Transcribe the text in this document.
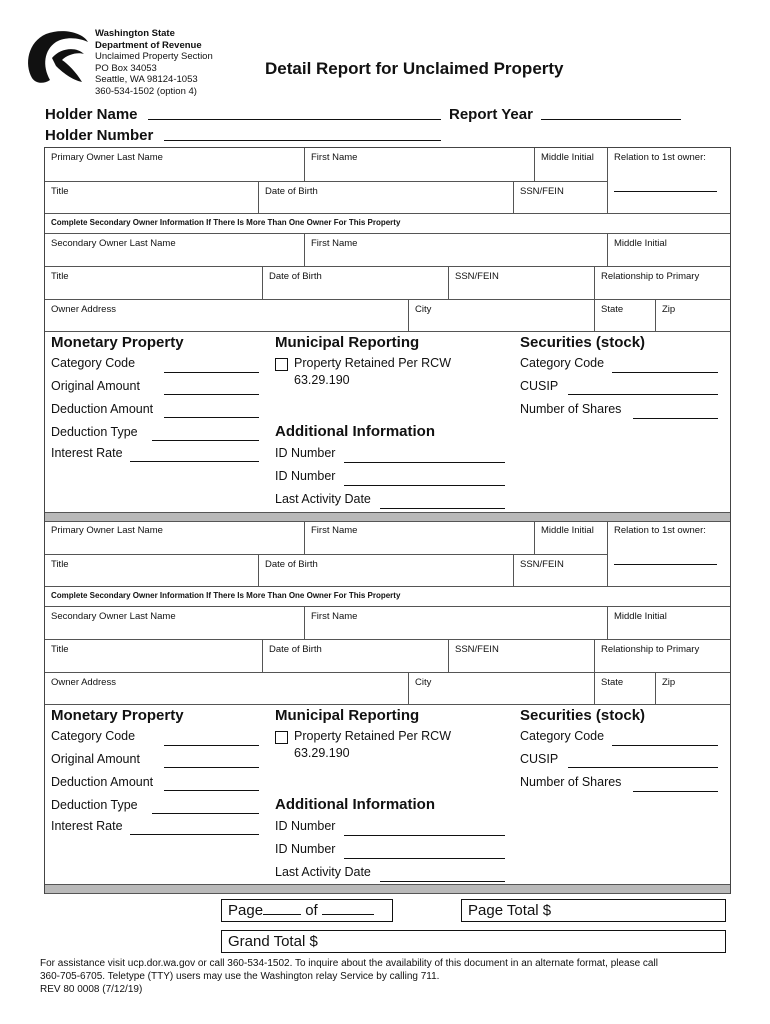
Washington State
Department of Revenue
Unclaimed Property Section
PO Box 34053
Seattle, WA 98124-1053
360-534-1502 (option 4)
Detail Report for Unclaimed Property
Holder Name	Report Year
Holder Number
Primary Owner Last Name	First Name	Middle Initial	Relation to 1st owner:
Title	Date of Birth	SSN/FEIN
Complete Secondary Owner Information If There Is More Than One Owner For This Property
Secondary Owner Last Name	First Name	Middle Initial
Title	Date of Birth	SSN/FEIN	Relationship to Primary
Owner Address	City	State	Zip
Monetary Property
Category Code
Original Amount
Deduction Amount
Deduction Type
Interest Rate
Municipal Reporting
Property Retained Per RCW
63.29.190
Additional Information
ID Number
ID Number
Last Activity Date
Securities (stock)
Category Code
CUSIP
Number of Shares
Primary Owner Last Name	First Name	Middle Initial	Relation to 1st owner:
Title	Date of Birth	SSN/FEIN
Complete Secondary Owner Information If There Is More Than One Owner For This Property
Secondary Owner Last Name	First Name	Middle Initial
Title	Date of Birth	SSN/FEIN	Relationship to Primary
Owner Address	City	State	Zip
Monetary Property
Category Code
Original Amount
Deduction Amount
Deduction Type
Interest Rate
Municipal Reporting
Property Retained Per RCW
63.29.190
Additional Information
ID Number
ID Number
Last Activity Date
Securities (stock)
Category Code
CUSIP
Number of Shares
Page	of	Page Total $
Grand Total $
For assistance visit ucp.dor.wa.gov or call 360-534-1502. To inquire about the availability of this document in an alternate format, please call
360-705-6705. Teletype (TTY) users may use the Washington relay Service by calling 711.
REV 80 0008 (7/12/19)
